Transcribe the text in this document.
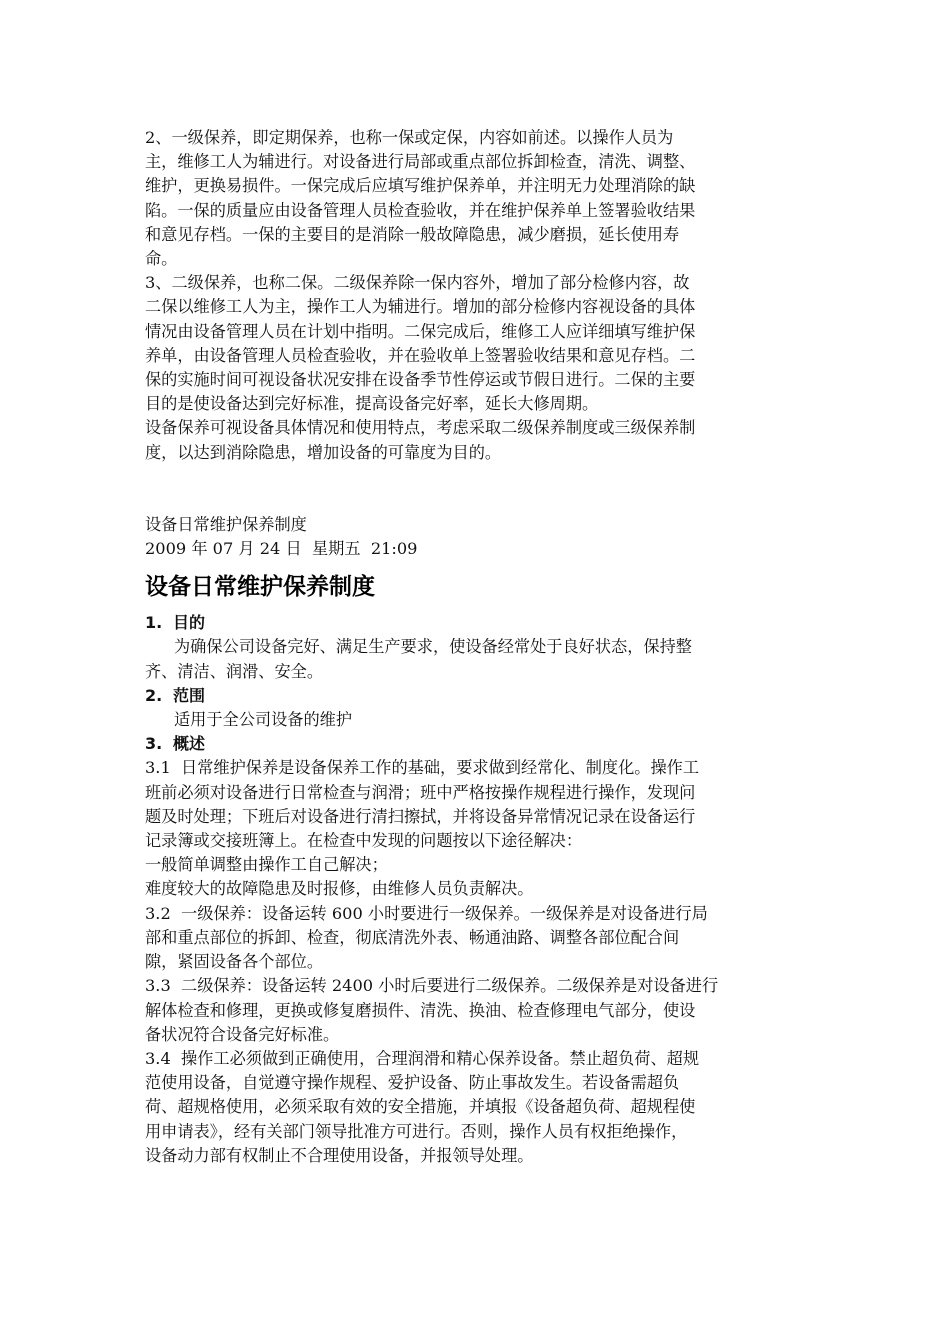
2、一级保养，即定期保养，也称一保或定保，内容如前述。以操作人员为
主，维修工人为辅进行。对设备进行局部或重点部位拆卸检查，清洗、调整、
维护，更换易损件。一保完成后应填写维护保养单，并注明无力处理消除的缺
陷。一保的质量应由设备管理人员检查验收，并在维护保养单上签署验收结果
和意见存档。一保的主要目的是消除一般故障隐患，减少磨损，延长使用寿
命。

3、二级保养，也称二保。二级保养除一保内容外，增加了部分检修内容，故
二保以维修工人为主，操作工人为辅进行。增加的部分检修内容视设备的具体
情况由设备管理人员在计划中指明。二保完成后，维修工人应详细填写维护保
养单，由设备管理人员检查验收，并在验收单上签署验收结果和意见存档。二
保的实施时间可视设备状况安排在设备季节性停运或节假日进行。二保的主要
目的是使设备达到完好标准，提高设备完好率，延长大修周期。

设备保养可视设备具体情况和使用特点，考虑采取二级保养制度或三级保养制
度，以达到消除隐患，增加设备的可靠度为目的。

设备日常维护保养制度

2009 年 07 月 24 日  星期五  21:09

设备日常维护保养制度

1. 目的

为确保公司设备完好、满足生产要求，使设备经常处于良好状态，保持整
齐、清洁、润滑、安全。

2. 范围

适用于全公司设备的维护

3. 概述

3.1  日常维护保养是设备保养工作的基础，要求做到经常化、制度化。操作工
班前必须对设备进行日常检查与润滑；班中严格按操作规程进行操作，发现问
题及时处理；下班后对设备进行清扫擦拭，并将设备异常情况记录在设备运行
记录簿或交接班簿上。在检查中发现的问题按以下途径解决：

一般简单调整由操作工自己解决；

难度较大的故障隐患及时报修，由维修人员负责解决。

3.2  一级保养：设备运转 600 小时要进行一级保养。一级保养是对设备进行局
部和重点部位的拆卸、检查，彻底清洗外表、畅通油路、调整各部位配合间
隙，紧固设备各个部位。

3.3  二级保养：设备运转 2400 小时后要进行二级保养。二级保养是对设备进行
解体检查和修理，更换或修复磨损件、清洗、换油、检查修理电气部分，使设
备状况符合设备完好标准。

3.4  操作工必须做到正确使用，合理润滑和精心保养设备。禁止超负荷、超规
范使用设备，自觉遵守操作规程、爱护设备、防止事故发生。若设备需超负
荷、超规格使用，必须采取有效的安全措施，并填报《设备超负荷、超规程使
用申请表》，经有关部门领导批准方可进行。否则，操作人员有权拒绝操作，
设备动力部有权制止不合理使用设备，并报领导处理。
